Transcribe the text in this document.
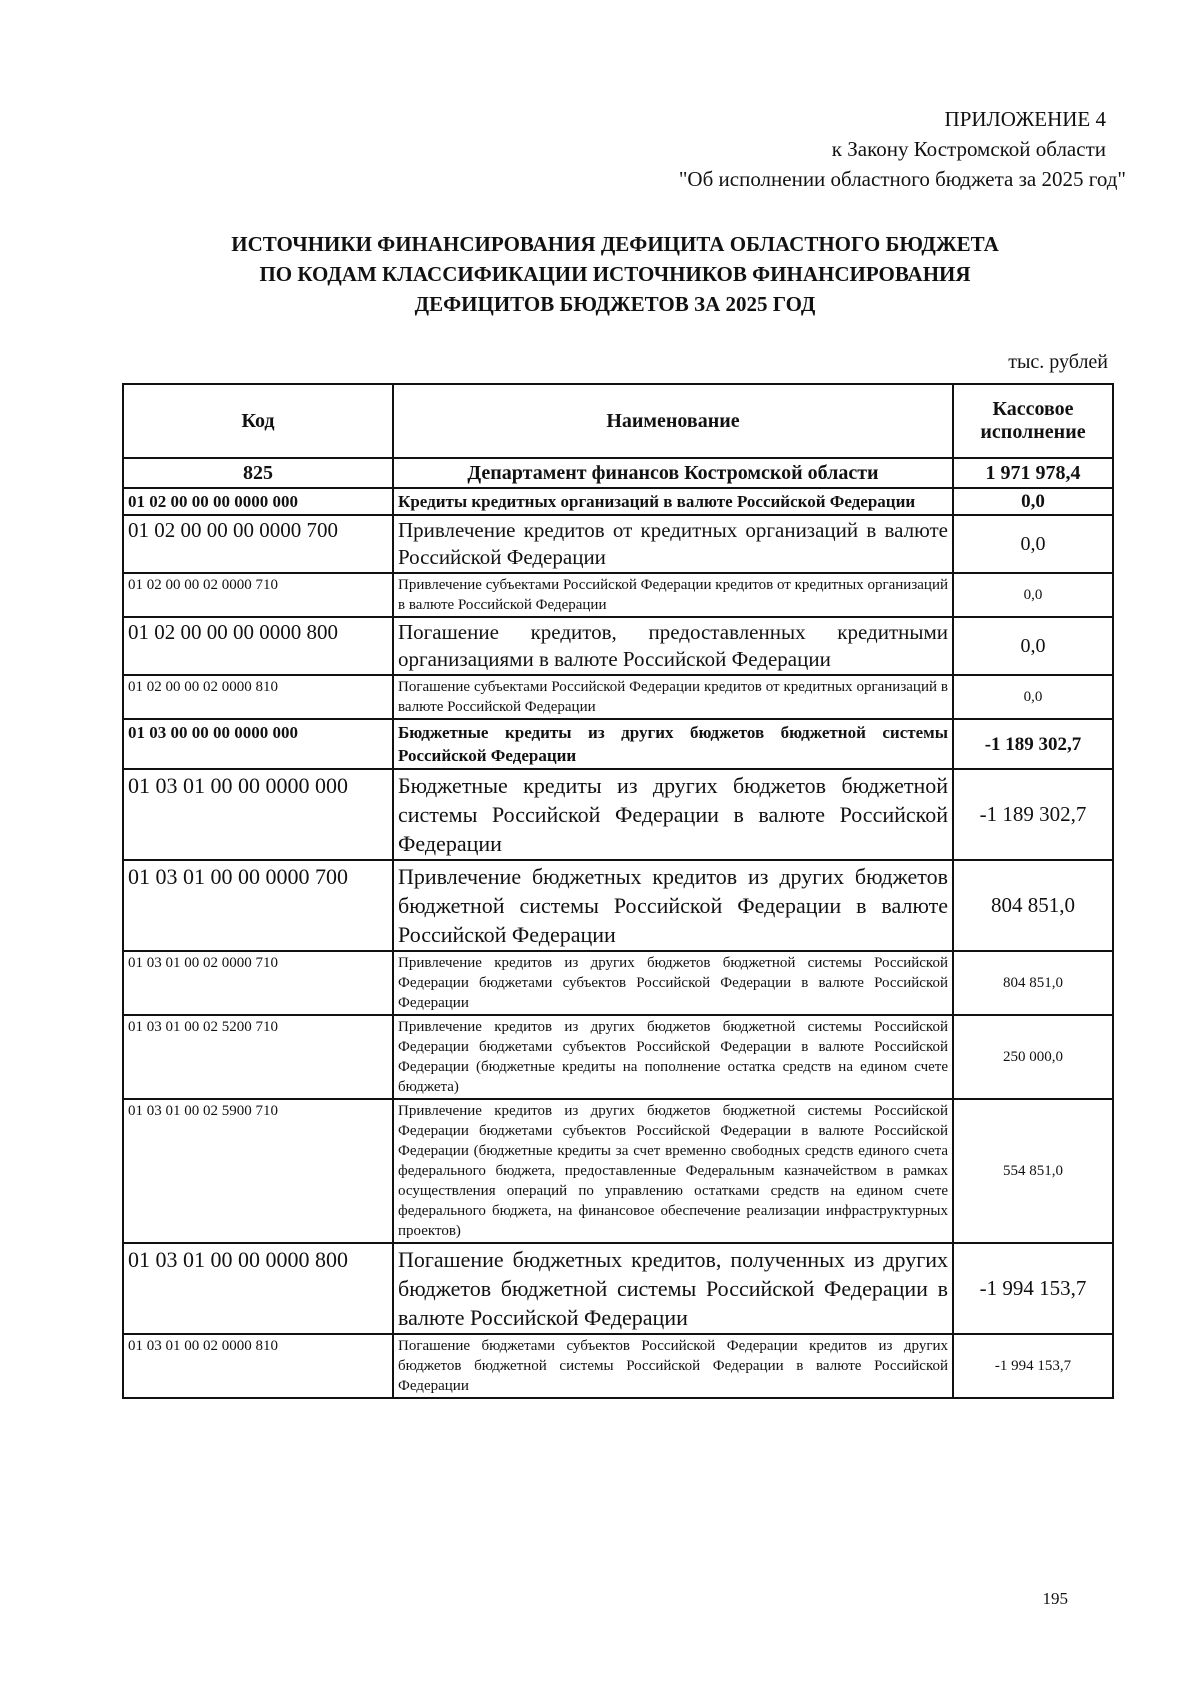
ПРИЛОЖЕНИЕ 4
к Закону Костромской области
"Об исполнении областного бюджета за 2025 год"
ИСТОЧНИКИ ФИНАНСИРОВАНИЯ ДЕФИЦИТА ОБЛАСТНОГО БЮДЖЕТА
ПО КОДАМ КЛАССИФИКАЦИИ ИСТОЧНИКОВ ФИНАНСИРОВАНИЯ
ДЕФИЦИТОВ БЮДЖЕТОВ ЗА 2025 ГОД
тыс. рублей
Код	Наименование	Кассовое исполнение
825	Департамент финансов Костромской области	1 971 978,4
01 02 00 00 00 0000 000	Кредиты кредитных организаций в валюте Российской Федерации	0,0
01 02 00 00 00 0000 700	Привлечение кредитов от кредитных организаций в валюте Российской Федерации	0,0
01 02 00 00 02 0000 710	Привлечение субъектами Российской Федерации кредитов от кредитных организаций в валюте Российской Федерации	0,0
01 02 00 00 00 0000 800	Погашение кредитов, предоставленных кредитными организациями в валюте Российской Федерации	0,0
01 02 00 00 02 0000 810	Погашение субъектами Российской Федерации кредитов от кредитных организаций в валюте Российской Федерации	0,0
01 03 00 00 00 0000 000	Бюджетные кредиты из других бюджетов бюджетной системы Российской Федерации	-1 189 302,7
01 03 01 00 00 0000 000	Бюджетные кредиты из других бюджетов бюджетной системы Российской Федерации в валюте Российской Федерации	-1 189 302,7
01 03 01 00 00 0000 700	Привлечение бюджетных кредитов из других бюджетов бюджетной системы Российской Федерации в валюте Российской Федерации	804 851,0
01 03 01 00 02 0000 710	Привлечение кредитов из других бюджетов бюджетной системы Российской Федерации бюджетами субъектов Российской Федерации в валюте Российской Федерации	804 851,0
01 03 01 00 02 5200 710	Привлечение кредитов из других бюджетов бюджетной системы Российской Федерации бюджетами субъектов Российской Федерации в валюте Российской Федерации (бюджетные кредиты на пополнение остатка средств на едином счете бюджета)	250 000,0
01 03 01 00 02 5900 710	Привлечение кредитов из других бюджетов бюджетной системы Российской Федерации бюджетами субъектов Российской Федерации в валюте Российской Федерации (бюджетные кредиты за счет временно свободных средств единого счета федерального бюджета, предоставленные Федеральным казначейством в рамках осуществления операций по управлению остатками средств на едином счете федерального бюджета, на финансовое обеспечение реализации инфраструктурных проектов)	554 851,0
01 03 01 00 00 0000 800	Погашение бюджетных кредитов, полученных из других бюджетов бюджетной системы Российской Федерации в валюте Российской Федерации	-1 994 153,7
01 03 01 00 02 0000 810	Погашение бюджетами субъектов Российской Федерации кредитов из других бюджетов бюджетной системы Российской Федерации в валюте Российской Федерации	-1 994 153,7
195
